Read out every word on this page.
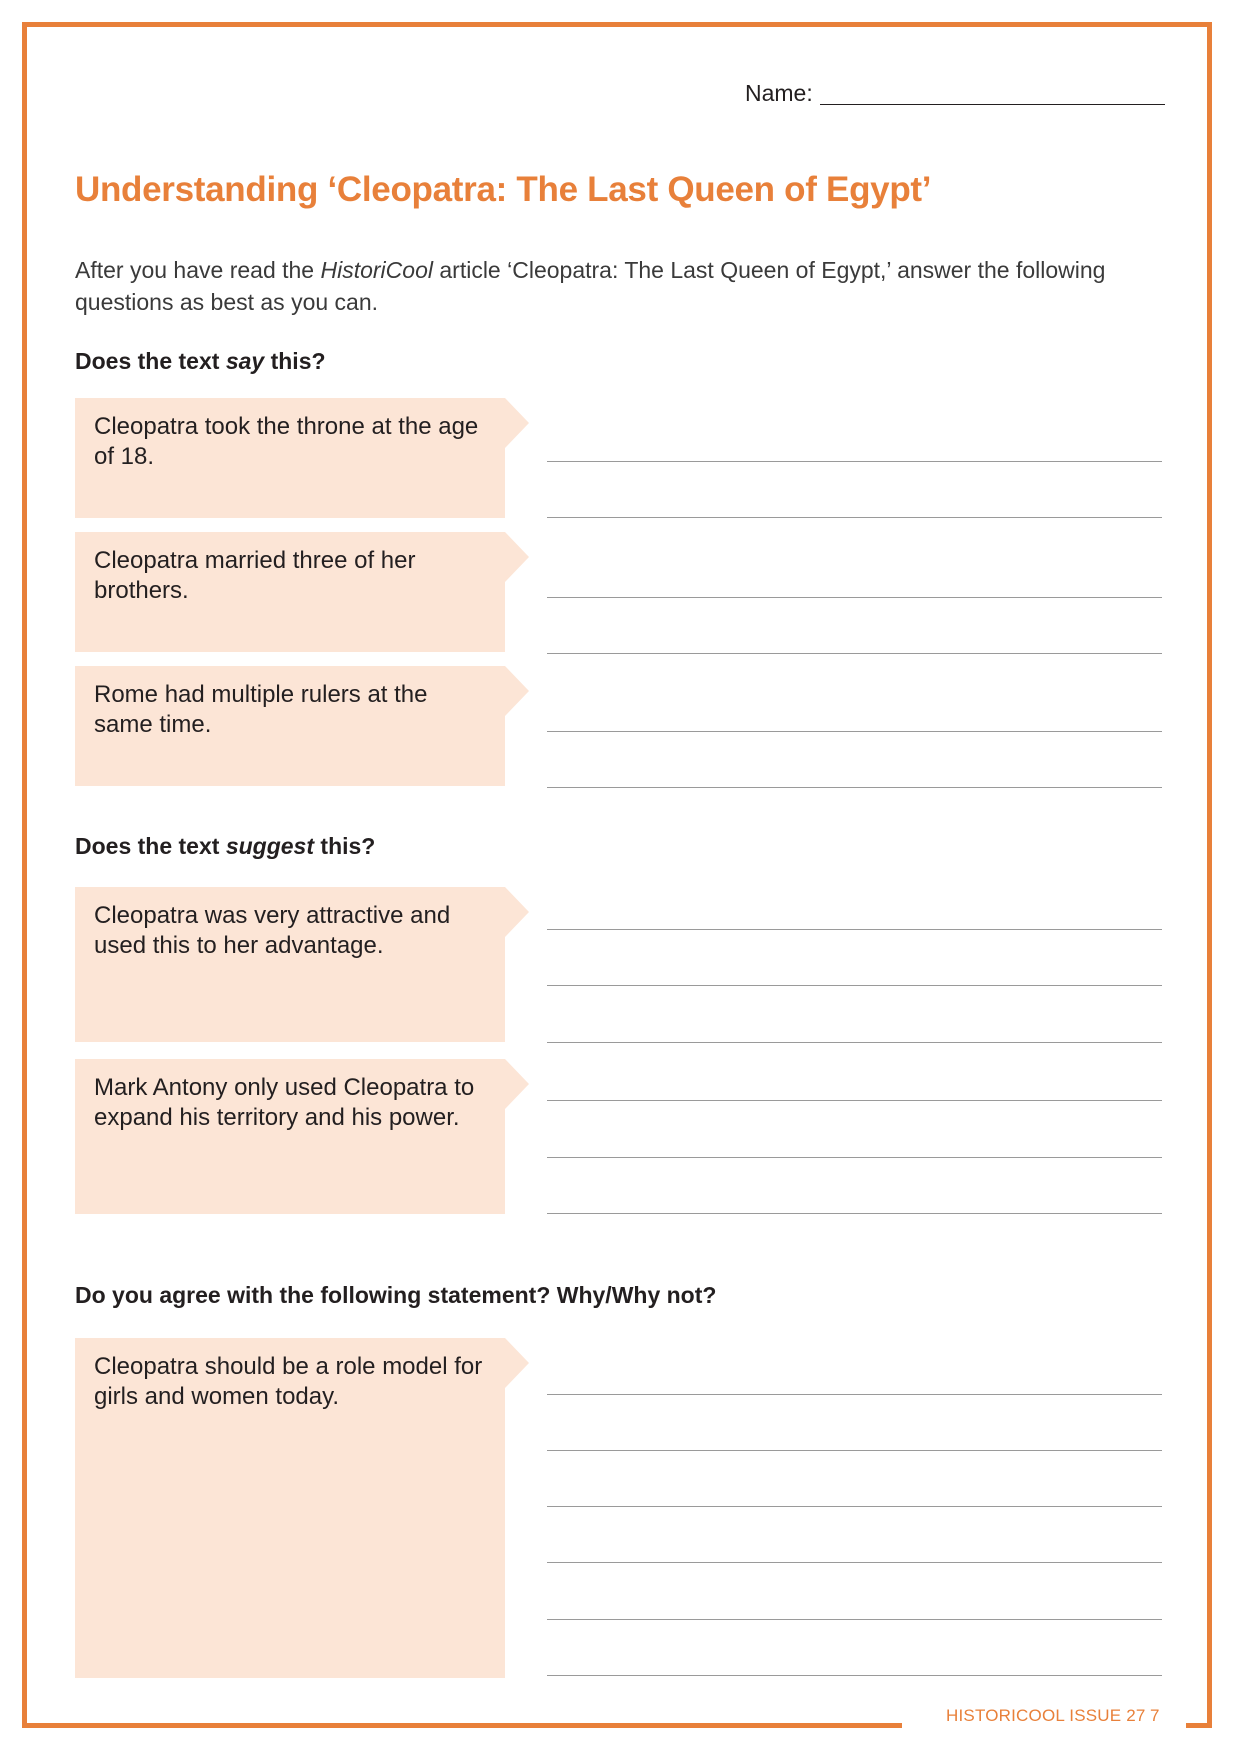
Name:
Understanding ‘Cleopatra: The Last Queen of Egypt’

After you have read the HistoriCool article ‘Cleopatra: The Last Queen of Egypt,’ answer the following questions as best as you can.

Does the text say this?
Cleopatra took the throne at the age of 18.
Cleopatra married three of her brothers.
Rome had multiple rulers at the same time.
Does the text suggest this?
Cleopatra was very attractive and used this to her advantage.
Mark Antony only used Cleopatra to expand his territory and his power.
Do you agree with the following statement? Why/Why not?
Cleopatra should be a role model for girls and women today.
HISTORICOOL ISSUE 27 7
